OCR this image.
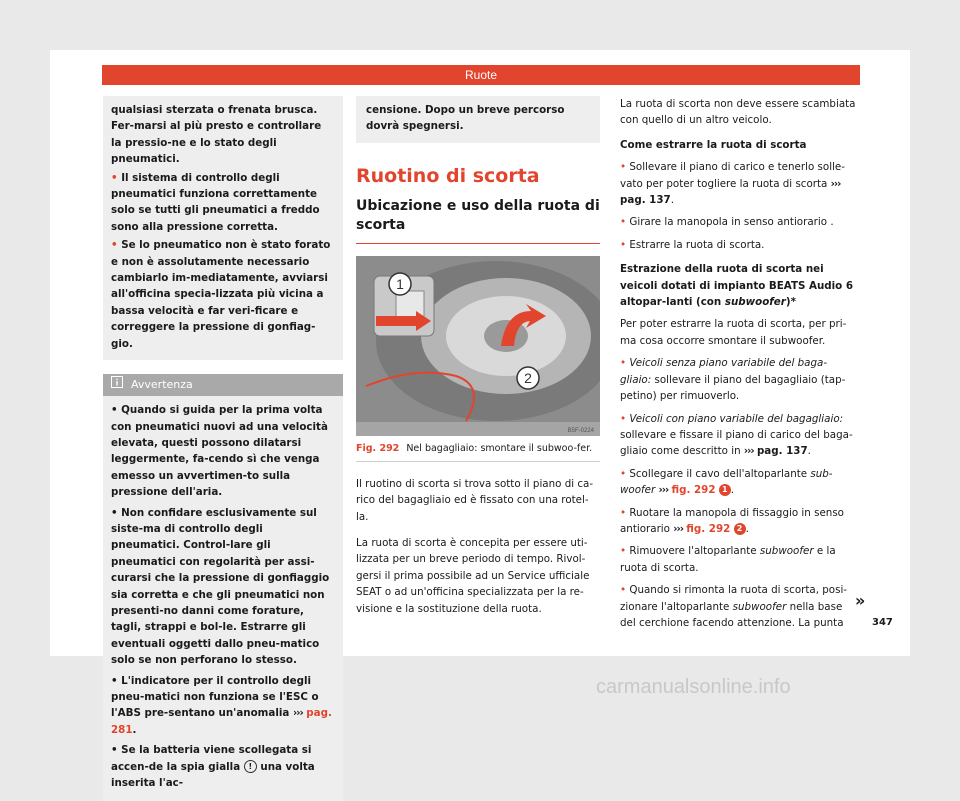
Ruote

qualsiasi sterzata o frenata brusca. Fer-marsi al più presto e controllare la pressio-ne e lo stato degli pneumatici.

• Il sistema di controllo degli pneumatici funziona correttamente solo se tutti gli pneumatici a freddo sono alla pressione corretta.

• Se lo pneumatico non è stato forato e non è assolutamente necessario cambiarlo im-mediatamente, avviarsi all'officina specia-lizzata più vicina a bassa velocità e far veri-ficare e correggere la pressione di gonfiag-gio.

Avvertenza

• Quando si guida per la prima volta con pneumatici nuovi ad una velocità elevata, questi possono dilatarsi leggermente, fa-cendo sì che venga emesso un avvertimen-to sulla pressione dell'aria.

• Non confidare esclusivamente sul siste-ma di controllo degli pneumatici. Control-lare gli pneumatici con regolarità per assi-curarsi che la pressione di gonfiaggio sia corretta e che gli pneumatici non presenti-no danni come forature, tagli, strappi e bol-le. Estrarre gli eventuali oggetti dallo pneu-matico solo se non perforano lo stesso.

• L'indicatore per il controllo degli pneu-matici non funziona se l'ESC o l'ABS pre-sentano un'anomalia ››› pag. 281.

• Se la batteria viene scollegata si accen-de la spia gialla ! una volta inserita l'ac-

censione. Dopo un breve percorso dovrà spegnersi.

Ruotino di scorta
Ubicazione e uso della ruota di scorta
1
2
B5F-0224
Fig. 292 Nel bagagliaio: smontare il subwoo-fer.

Il ruotino di scorta si trova sotto il piano di ca-rico del bagagliaio ed è fissato con una rotel-la.

La ruota di scorta è concepita per essere uti-lizzata per un breve periodo di tempo. Rivol-gersi il prima possibile ad un Service ufficiale SEAT o ad un'officina specializzata per la re-visione e la sostituzione della ruota.

La ruota di scorta non deve essere scambiata con quello di un altro veicolo.

Come estrarre la ruota di scorta

• Sollevare il piano di carico e tenerlo solle-vato per poter togliere la ruota di scorta ››› pag. 137.

• Girare la manopola in senso antiorario .

• Estrarre la ruota di scorta.

Estrazione della ruota di scorta nei veicoli dotati di impianto BEATS Audio 6 altopar-lanti (con subwoofer)*

Per poter estrarre la ruota di scorta, per pri-ma cosa occorre smontare il subwoofer.

• Veicoli senza piano variabile del baga-gliaio: sollevare il piano del bagagliaio (tap-petino) per rimuoverlo.

• Veicoli con piano variabile del bagagliaio: sollevare e fissare il piano di carico del baga-gliaio come descritto in ››› pag. 137.

• Scollegare il cavo dell'altoparlante sub-woofer ››› fig. 292 1 .

• Ruotare la manopola di fissaggio in senso antiorario ››› fig. 292 2 .

• Rimuovere l'altoparlante subwoofer e la ruota di scorta.

• Quando si rimonta la ruota di scorta, posi-zionare l'altoparlante subwoofer nella base del cerchione facendo attenzione. La punta

»
347
carmanualsonline.info
